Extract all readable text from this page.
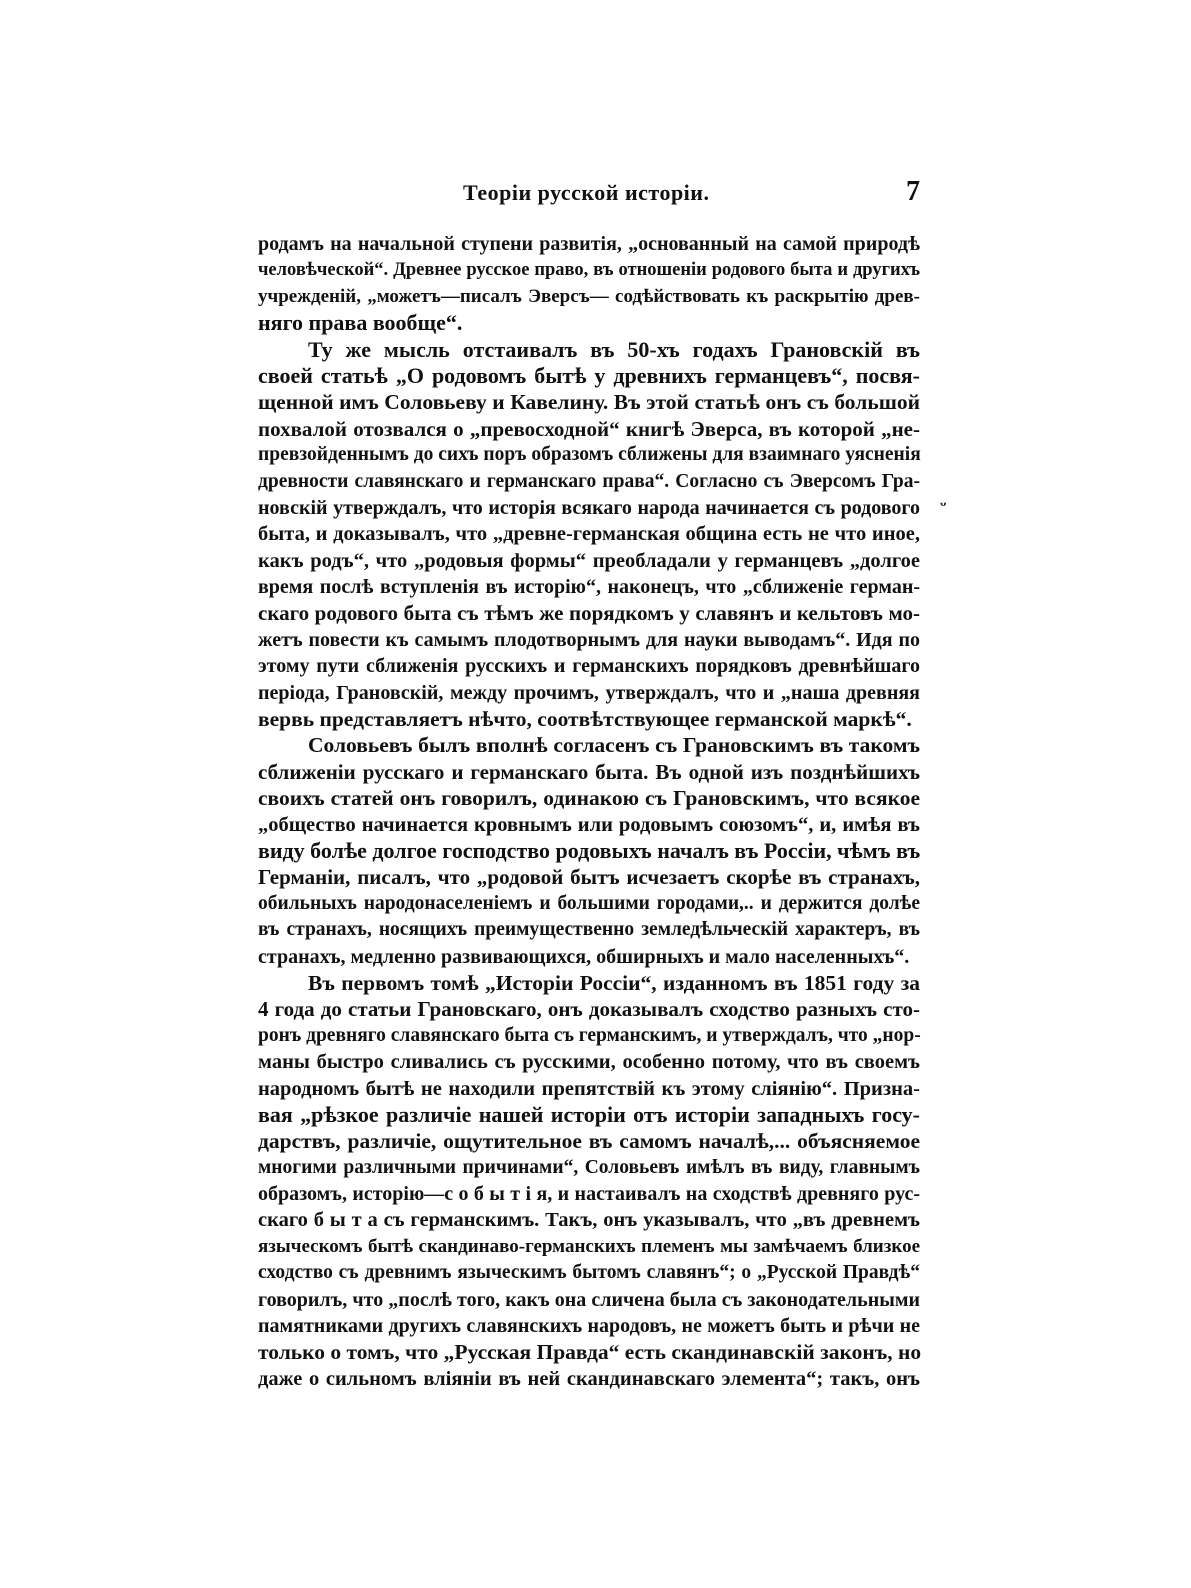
Теоріи русской исторіи.	7
родамъ на начальной ступени развитія, „основанный на самой природѣ
человѣческой“. Древнее русское право, въ отношеніи родового быта и другихъ
учрежденій, „можетъ—писалъ Эверсъ— содѣйствовать къ раскрытію древ-
няго права вообще“.
Ту же мысль отстаивалъ въ 50-хъ годахъ Грановскій въ
своей статьѣ „О родовомъ бытѣ у древнихъ германцевъ“, посвя-
щенной имъ Соловьеву и Кавелину. Въ этой статьѣ онъ съ большой
похвалой отозвался о „превосходной“ книгѣ Эверса, въ которой „не-
превзойденнымъ до сихъ поръ образомъ сближены для взаимнаго уясненія
древности славянскаго и германскаго права“. Согласно съ Эверсомъ Гра-
новскій утверждалъ, что исторія всякаго народа начинается съ родового
быта, и доказывалъ, что „древне-германская община есть не что иное,
какъ родъ“, что „родовыя формы“ преобладали у германцевъ „долгое
время послѣ вступленія въ исторію“, наконецъ, что „сближеніе герман-
скаго родового быта съ тѣмъ же порядкомъ у славянъ и кельтовъ мо-
жетъ повести къ самымъ плодотворнымъ для науки выводамъ“. Идя по
этому пути сближенія русскихъ и германскихъ порядковъ древнѣйшаго
періода, Грановскій, между прочимъ, утверждалъ, что и „наша древняя
вервь представляетъ нѣчто, соотвѣтствующее германской маркѣ“.
Соловьевъ былъ вполнѣ согласенъ съ Грановскимъ въ такомъ
сближеніи русскаго и германскаго быта. Въ одной изъ позднѣйшихъ
своихъ статей онъ говорилъ, одинакою съ Грановскимъ, что всякое
„общество начинается кровнымъ или родовымъ союзомъ“, и, имѣя въ
виду болѣе долгое господство родовыхъ началъ въ Россіи, чѣмъ въ
Германіи, писалъ, что „родовой бытъ исчезаетъ скорѣе въ странахъ,
обильныхъ народонаселеніемъ и большими городами,.. и держится долѣе
въ странахъ, носящихъ преимущественно земледѣльческій характеръ, въ
странахъ, медленно развивающихся, обширныхъ и мало населенныхъ“.
Въ первомъ томѣ „Исторіи Россіи“, изданномъ въ 1851 году за
4 года до статьи Грановскаго, онъ доказывалъ сходство разныхъ сто-
ронъ древняго славянскаго быта съ германскимъ, и утверждалъ, что „нор-
маны быстро сливались съ русскими, особенно потому, что въ своемъ
народномъ бытѣ не находили препятствій къ этому сліянію“. Призна-
вая „рѣзкое различіе нашей исторіи отъ исторіи западныхъ госу-
дарствъ, различіе, ощутительное въ самомъ началѣ,... объясняемое
многими различными причинами“, Соловьевъ имѣлъ въ виду, главнымъ
образомъ, исторію—с о б ы т і я, и настаивалъ на сходствѣ древняго рус-
скаго б ы т а съ германскимъ. Такъ, онъ указывалъ, что „въ древнемъ
языческомъ бытѣ скандинаво-германскихъ племенъ мы замѣчаемъ близкое
сходство съ древнимъ языческимъ бытомъ славянъ“; о „Русской Правдѣ“
говорилъ, что „послѣ того, какъ она сличена была съ законодательными
памятниками другихъ славянскихъ народовъ, не можетъ быть и рѣчи не
только о томъ, что „Русская Правда“ есть скандинавскій законъ, но
даже о сильномъ вліяніи въ ней скандинавскаго элемента“; такъ, онъ
ᵕ
